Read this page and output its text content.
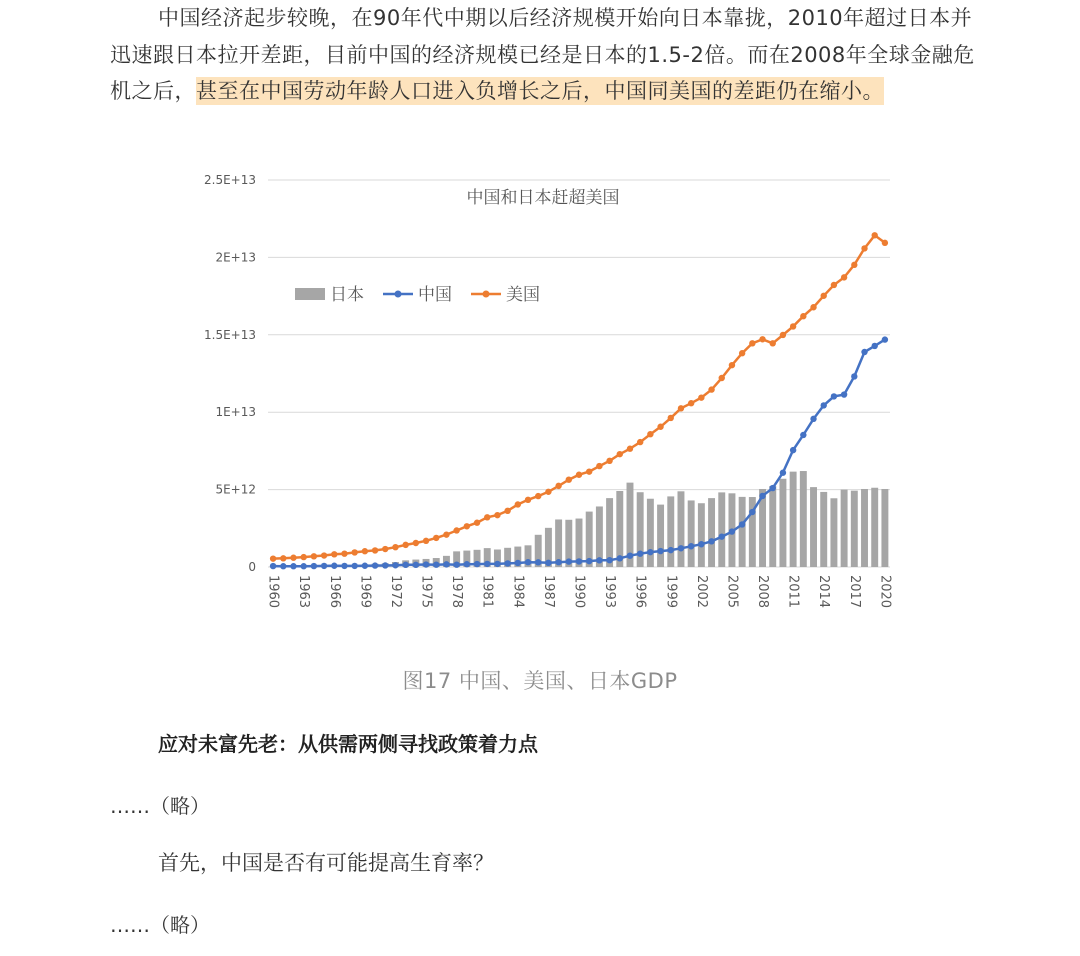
中国经济起步较晚，在90年代中期以后经济规模开始向日本靠拢，2010年超过日本并迅速跟日本拉开差距，目前中国的经济规模已经是日本的1.5-2倍。而在2008年全球金融危机之后，甚至在中国劳动年龄人口进入负增长之后，中国同美国的差距仍在缩小。

0
5E+12
1E+13
1.5E+13
2E+13
2.5E+13
1960 1963 1966 1969 1972 1975 1978 1981 1984 1987 1990 1993 1996 1999 2002 2005 2008 2011 2014 2017 2020
中国和日本赶超美国
日本	中国	美国
图17 中国、美国、日本GDP
应对未富先老：从供需两侧寻找政策着力点
……（略）
首先，中国是否有可能提高生育率？
……（略）
